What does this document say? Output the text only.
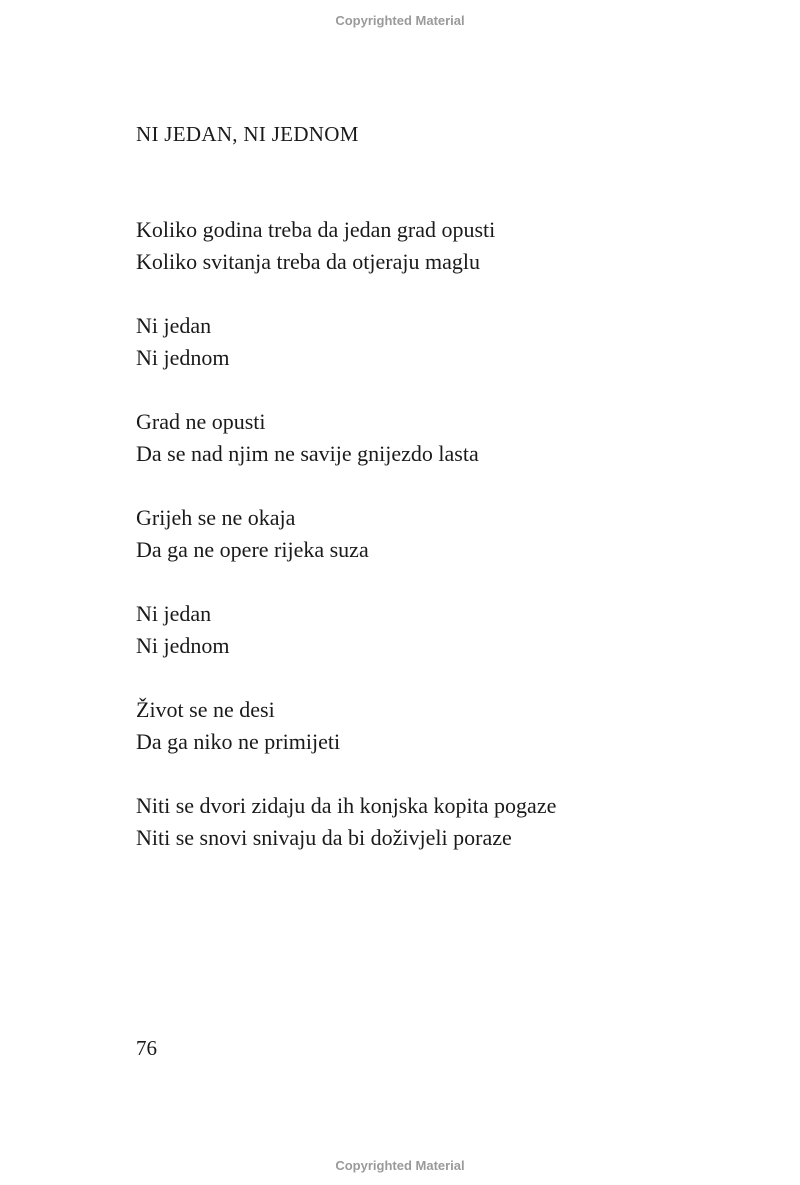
Copyrighted Material
NI JEDAN, NI JEDNOM
Koliko godina treba da jedan grad opusti
Koliko svitanja treba da otjeraju maglu
Ni jedan
Ni jednom
Grad ne opusti
Da se nad njim ne savije gnijezdo lasta
Grijeh se ne okaja
Da ga ne opere rijeka suza
Ni jedan
Ni jednom
Život se ne desi
Da ga niko ne primijeti
Niti se dvori zidaju da ih konjska kopita pogaze
Niti se snovi snivaju da bi doživjeli poraze
76
Copyrighted Material
